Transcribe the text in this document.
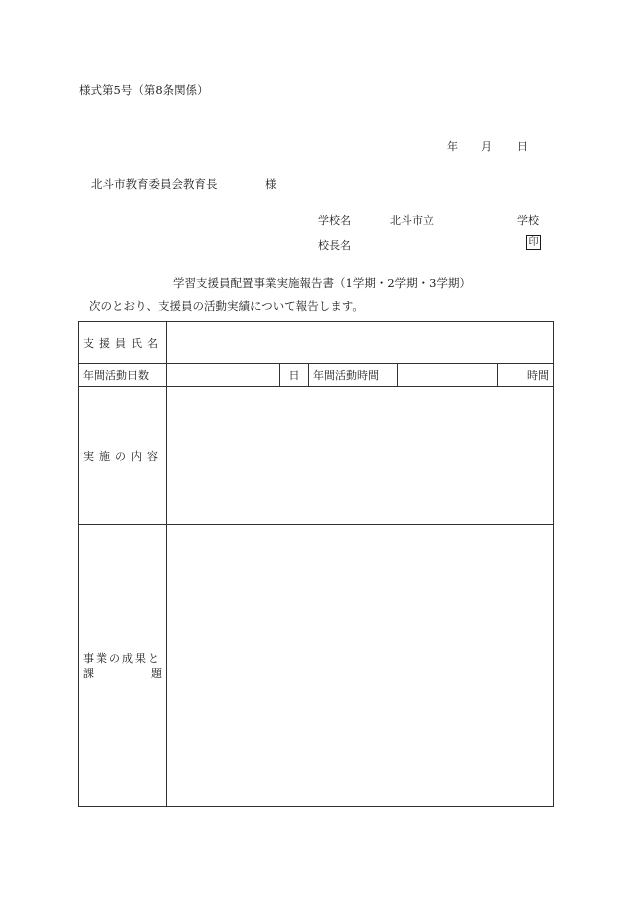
様式第5号（第8条関係）
年 月 日
北斗市教育委員会教育長	様
学校名	北斗市立	学校
校長名	印
学習支援員配置事業実施報告書（1学期・2学期・3学期）
次のとおり、支援員の活動実績について報告します。
支援員氏名					
年間活動日数		日	年間活動時間		時間
実施の内容					

事業の成果と
課 題					
